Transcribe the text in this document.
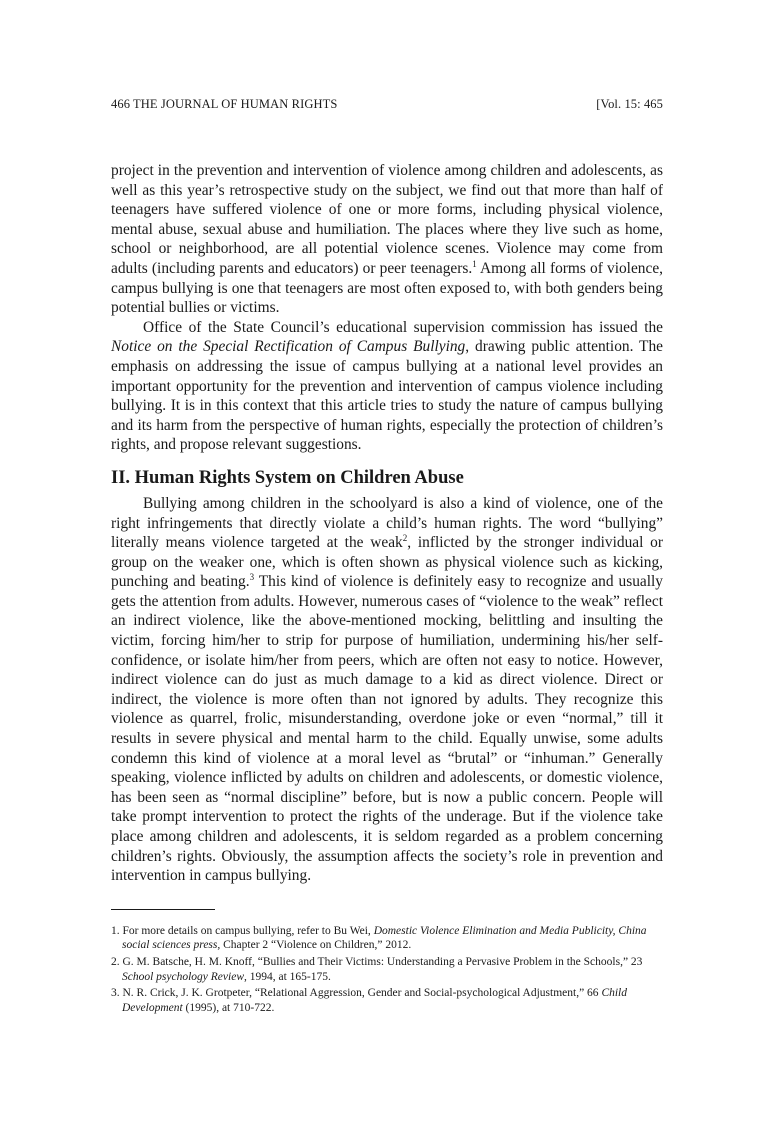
466 THE JOURNAL OF HUMAN RIGHTS	[Vol. 15: 465

project in the prevention and intervention of violence among children and adolescents, as well as this year’s retrospective study on the subject, we find out that more than half of teenagers have suffered violence of one or more forms, including physical violence, mental abuse, sexual abuse and humiliation. The places where they live such as home, school or neighborhood, are all potential violence scenes. Violence may come from adults (including parents and educators) or peer teenagers.$^1$ Among all forms of violence, campus bullying is one that teenagers are most often exposed to, with both genders being potential bullies or victims.

Office of the State Council’s educational supervision commission has issued the Notice on the Special Rectification of Campus Bullying, drawing public attention. The emphasis on addressing the issue of campus bullying at a national level provides an important opportunity for the prevention and intervention of campus violence including bullying. It is in this context that this article tries to study the nature of campus bullying and its harm from the perspective of human rights, especially the protection of children’s rights, and propose relevant suggestions.

II. Human Rights System on Children Abuse

Bullying among children in the schoolyard is also a kind of violence, one of the right infringements that directly violate a child’s human rights. The word “bullying” literally means violence targeted at the weak$^2$, inflicted by the stronger individual or group on the weaker one, which is often shown as physical violence such as kicking, punching and beating.$^3$ This kind of violence is definitely easy to recognize and usually gets the attention from adults. However, numerous cases of “violence to the weak” reflect an indirect violence, like the above-mentioned mocking, belittling and insulting the victim, forcing him/her to strip for purpose of humiliation, undermining his/her self-confidence, or isolate him/her from peers, which are often not easy to notice. However, indirect violence can do just as much damage to a kid as direct violence. Direct or indirect, the violence is more often than not ignored by adults. They recognize this violence as quarrel, frolic, misunderstanding, overdone joke or even “normal,” till it results in severe physical and mental harm to the child. Equally unwise, some adults condemn this kind of violence at a moral level as “brutal” or “inhuman.” Generally speaking, violence inflicted by adults on children and adolescents, or domestic violence, has been seen as “normal discipline” before, but is now a public concern. People will take prompt intervention to protect the rights of the underage. But if the violence take place among children and adolescents, it is seldom regarded as a problem concerning children’s rights. Obviously, the assumption affects the society’s role in prevention and intervention in campus bullying.

1. For more details on campus bullying, refer to Bu Wei, Domestic Violence Elimination and Media Publicity, China social sciences press, Chapter 2 “Violence on Children,” 2012.

2. G. M. Batsche, H. M. Knoff, “Bullies and Their Victims: Understanding a Pervasive Problem in the Schools,” 23 School psychology Review, 1994, at 165-175.

3. N. R. Crick, J. K. Grotpeter, “Relational Aggression, Gender and Social-psychological Adjustment,” 66 Child Development (1995), at 710-722.
